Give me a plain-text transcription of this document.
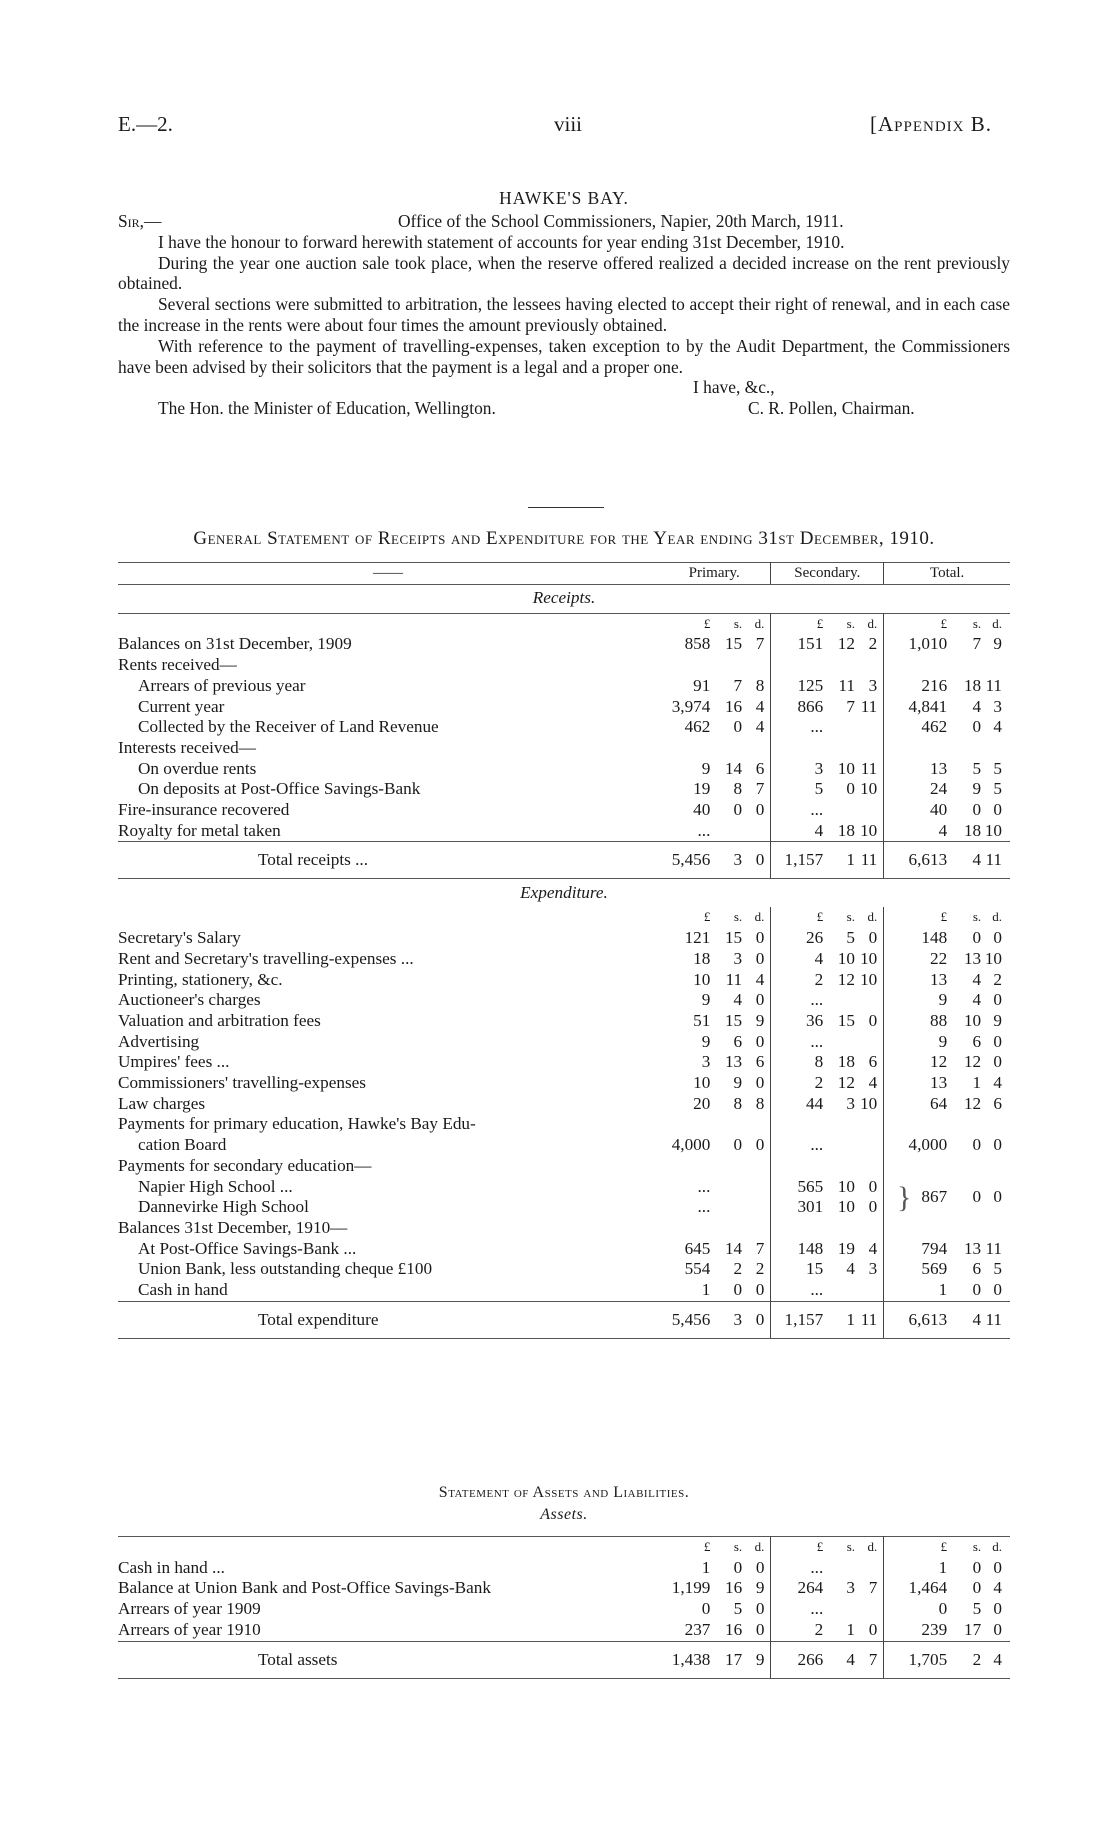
E.—2.	viii	[Appendix B.
HAWKE'S BAY.
Sir,—	Office of the School Commissioners, Napier, 20th March, 1911.

I have the honour to forward herewith statement of accounts for year ending 31st December, 1910.

During the year one auction sale took place, when the reserve offered realized a decided increase on the rent previously obtained.

Several sections were submitted to arbitration, the lessees having elected to accept their right of renewal, and in each case the increase in the rents were about four times the amount previously obtained.

With reference to the payment of travelling-expenses, taken exception to by the Audit Department, the Commissioners have been advised by their solicitors that the payment is a legal and a proper one.

I have, &c.,
The Hon. the Minister of Education, Wellington.	C. R. Pollen, Chairman.
General Statement of Receipts and Expenditure for the Year ending 31st December, 1910.
——	Primary.			Secondary.			Total.		
Receipts.									
	£	s.	d.	£	s.	d.	£	s.	d.
Balances on 31st December, 1909	858	15	7	151	12	2	1,010	7	9
Rents received—									
Arrears of previous year	91	7	8	125	11	3	216	18	11
Current year	3,974	16	4	866	7	11	4,841	4	3
Collected by the Receiver of Land Revenue	462	0	4	...			462	0	4
Interests received—									
On overdue rents	9	14	6	3	10	11	13	5	5
On deposits at Post-Office Savings-Bank	19	8	7	5	0	10	24	9	5
Fire-insurance recovered	40	0	0	...			40	0	0
Royalty for metal taken	...			4	18	10	4	18	10
Total receipts ...	5,456	3	0	1,157	1	11	6,613	4	11
Expenditure.									
	£	s.	d.	£	s.	d.	£	s.	d.
Secretary's Salary	121	15	0	26	5	0	148	0	0
Rent and Secretary's travelling-expenses ...	18	3	0	4	10	10	22	13	10
Printing, stationery, &c.	10	11	4	2	12	10	13	4	2
Auctioneer's charges	9	4	0	...			9	4	0
Valuation and arbitration fees	51	15	9	36	15	0	88	10	9
Advertising	9	6	0	...			9	6	0
Umpires' fees ...	3	13	6	8	18	6	12	12	0
Commissioners' travelling-expenses	10	9	0	2	12	4	13	1	4
Law charges	20	8	8	44	3	10	64	12	6
Payments for primary education, Hawke's Bay Edu-									
cation Board	4,000	0	0	...			4,000	0	0
Payments for secondary education—									
Napier High School ...	...			565	10	0	} 867	0	0
Dannevirke High School	...			301	10	0			
Balances 31st December, 1910—									
At Post-Office Savings-Bank ...	645	14	7	148	19	4	794	13	11
Union Bank, less outstanding cheque £100	554	2	2	15	4	3	569	6	5
Cash in hand	1	0	0	...			1	0	0
Total expenditure	5,456	3	0	1,157	1	11	6,613	4	11
Statement of Assets and Liabilities.
Assets.
	£	s.	d.	£	s.	d.	£	s.	d.
Cash in hand ...	1	0	0	...			1	0	0
Balance at Union Bank and Post-Office Savings-Bank	1,199	16	9	264	3	7	1,464	0	4
Arrears of year 1909	0	5	0	...			0	5	0
Arrears of year 1910	237	16	0	2	1	0	239	17	0
Total assets	1,438	17	9	266	4	7	1,705	2	4
